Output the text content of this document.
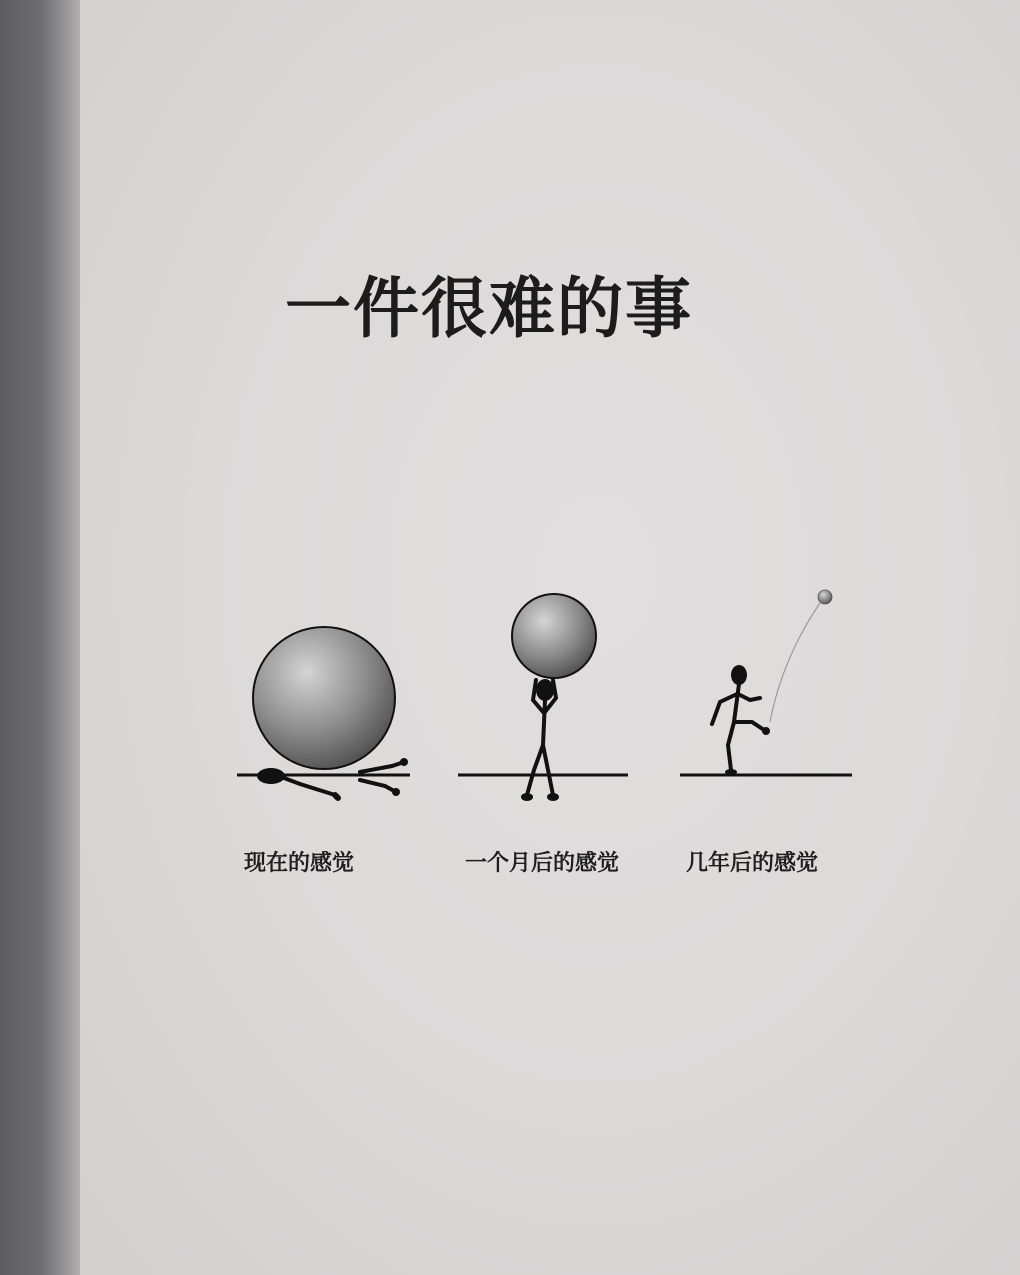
一件很难的事

现在的感觉	一个月后的感觉	几年后的感觉
